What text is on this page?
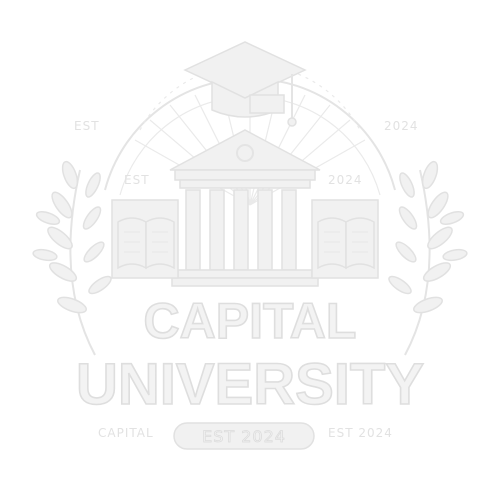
EST	2024
EST	2024
CAPITAL
UNIVERSITY
CAPITAL	EST 2024	EST 2024
